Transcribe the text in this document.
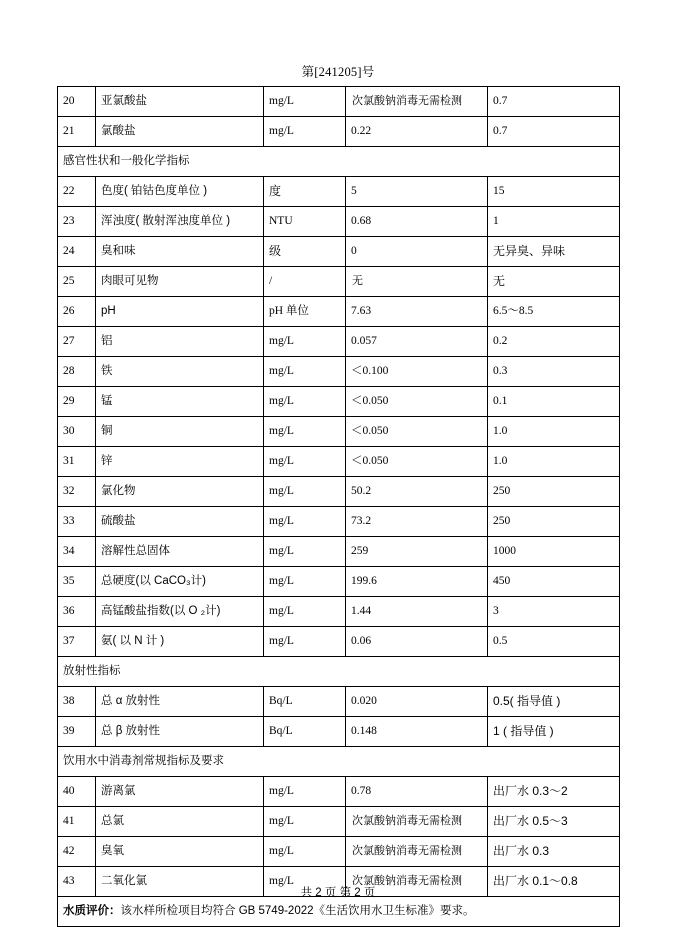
第[241205]号
20	亚氯酸盐	mg/L	次氯酸钠消毒无需检测	0.7
21	氯酸盐	mg/L	0.22	0.7
感官性状和一般化学指标				
22	色度( 铂钴色度单位 )	度	5	15
23	浑浊度( 散射浑浊度单位 )	NTU	0.68	1
24	臭和味	级	0	无异臭、异味
25	肉眼可见物	/	无	无
26	pH	pH 单位	7.63	6.5～8.5
27	铝	mg/L	0.057	0.2
28	铁	mg/L	＜0.100	0.3
29	锰	mg/L	＜0.050	0.1
30	铜	mg/L	＜0.050	1.0
31	锌	mg/L	＜0.050	1.0
32	氯化物	mg/L	50.2	250
33	硫酸盐	mg/L	73.2	250
34	溶解性总固体	mg/L	259	1000
35	总硬度(以 CaCO₃计)	mg/L	199.6	450
36	高锰酸盐指数(以 O ₂计)	mg/L	1.44	3
37	氨( 以 N 计 )	mg/L	0.06	0.5
放射性指标				
38	总 α 放射性	Bq/L	0.020	0.5( 指导值 )
39	总 β 放射性	Bq/L	0.148	1 ( 指导值 )
饮用水中消毒剂常规指标及要求				
40	游离氯	mg/L	0.78	出厂水 0.3～2
41	总氯	mg/L	次氯酸钠消毒无需检测	出厂水 0.5～3
42	臭氧	mg/L	次氯酸钠消毒无需检测	出厂水 0.3
43	二氧化氯	mg/L	次氯酸钠消毒无需检测	出厂水 0.1～0.8
水质评价：该水样所检项目均符合 GB 5749-2022《生活饮用水卫生标准》要求。				
共 2 页 第 2 页
